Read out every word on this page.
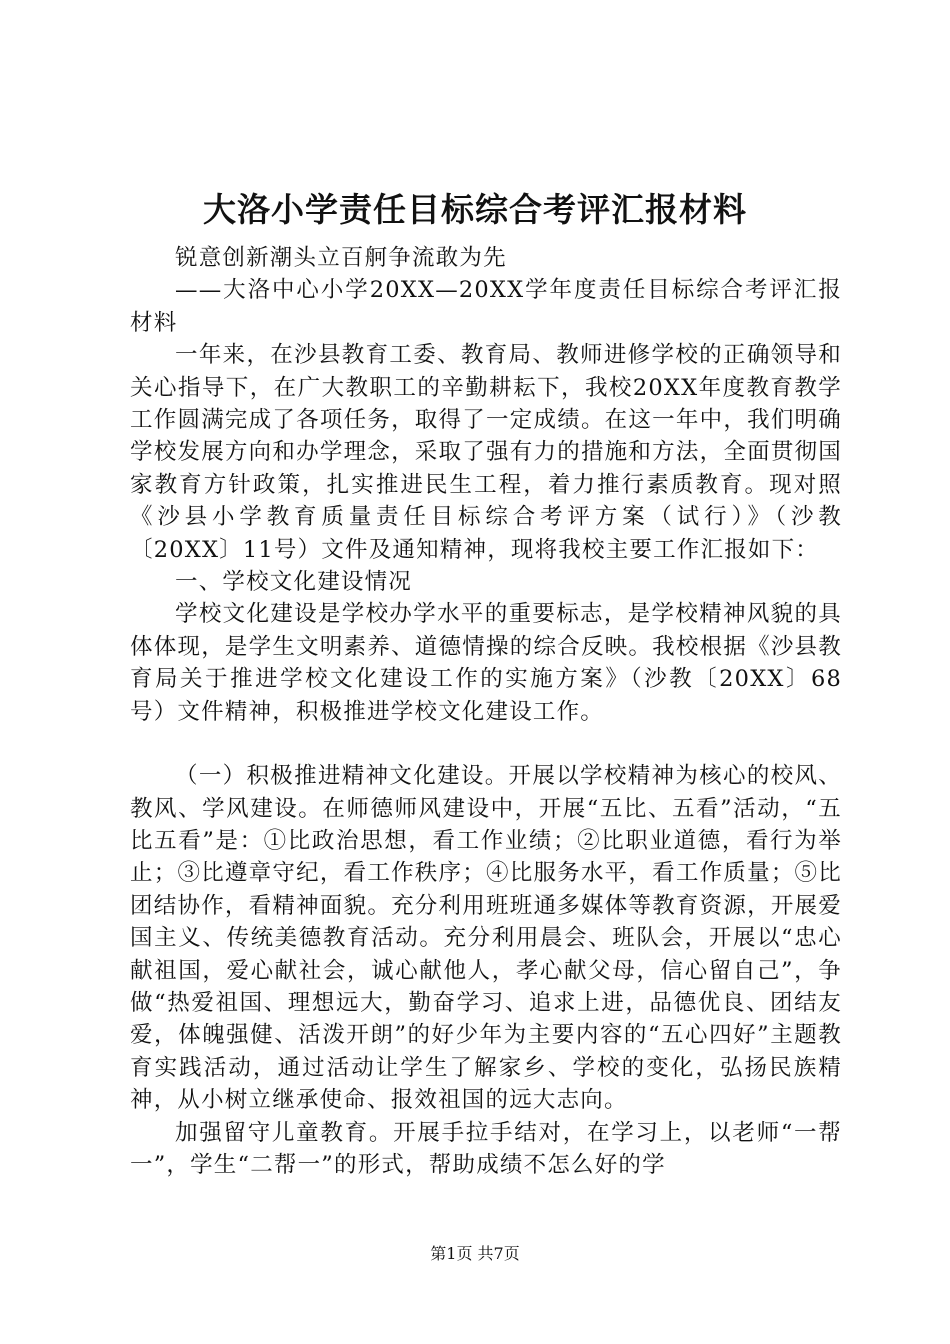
大洛小学责任目标综合考评汇报材料

锐意创新潮头立百舸争流敢为先

——大洛中心小学20XX—20XX学年度责任目标综合考评汇报材料

一年来，在沙县教育工委、教育局、教师进修学校的正确领导和关心指导下，在广大教职工的辛勤耕耘下，我校20XX年度教育教学工作圆满完成了各项任务，取得了一定成绩。在这一年中，我们明确学校发展方向和办学理念，采取了强有力的措施和方法，全面贯彻国家教育方针政策，扎实推进民生工程，着力推行素质教育。现对照《沙县小学教育质量责任目标综合考评方案（试行）》（沙教〔20XX〕11号）文件及通知精神，现将我校主要工作汇报如下：

一、学校文化建设情况

学校文化建设是学校办学水平的重要标志，是学校精神风貌的具体体现，是学生文明素养、道德情操的综合反映。我校根据《沙县教育局关于推进学校文化建设工作的实施方案》（沙教〔20XX〕68号）文件精神，积极推进学校文化建设工作。

（一）积极推进精神文化建设。开展以学校精神为核心的校风、教风、学风建设。在师德师风建设中，开展“五比、五看”活动，“五比五看”是：①比政治思想，看工作业绩；②比职业道德，看行为举止；③比遵章守纪，看工作秩序；④比服务水平，看工作质量；⑤比团结协作，看精神面貌。充分利用班班通多媒体等教育资源，开展爱国主义、传统美德教育活动。充分利用晨会、班队会，开展以“忠心献祖国，爱心献社会，诚心献他人，孝心献父母，信心留自己”，争做“热爱祖国、理想远大，勤奋学习、追求上进，品德优良、团结友爱，体魄强健、活泼开朗”的好少年为主要内容的“五心四好”主题教育实践活动，通过活动让学生了解家乡、学校的变化，弘扬民族精神，从小树立继承使命、报效祖国的远大志向。

加强留守儿童教育。开展手拉手结对，在学习上，以老师“一帮一”，学生“二帮一”的形式，帮助成绩不怎么好的学

第1页 共7页
